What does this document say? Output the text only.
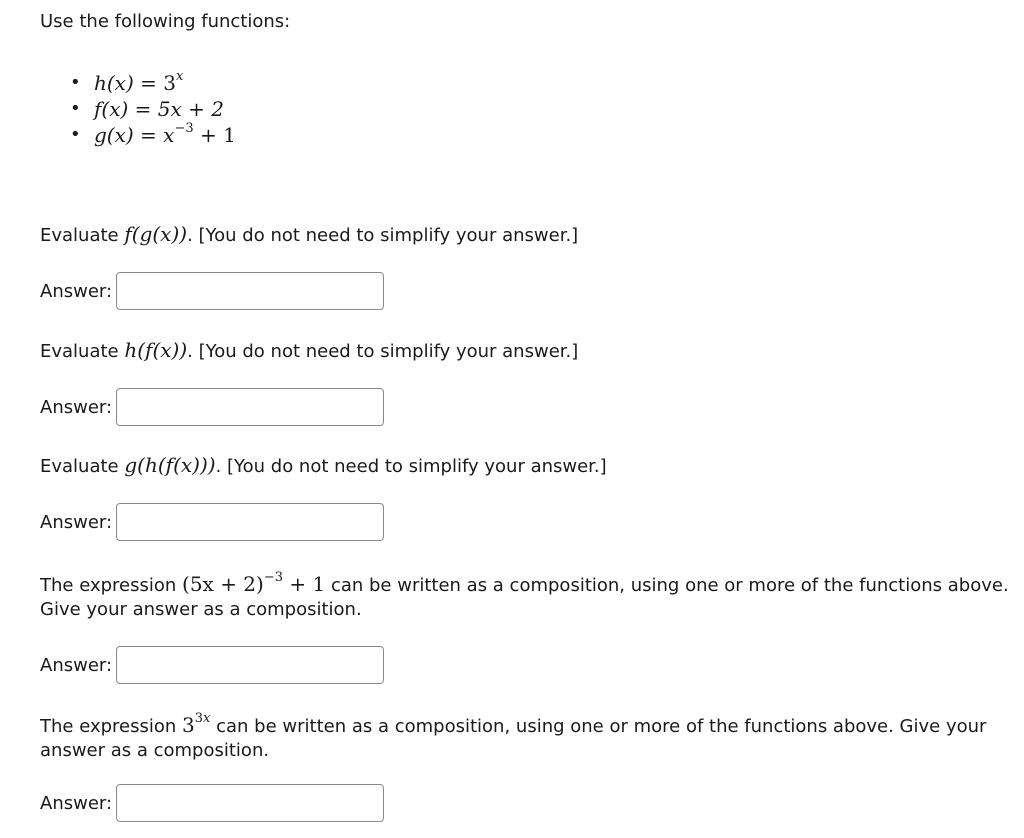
Use the following functions:
• $h(x) = 3^x$
• f(x) = 5x + 2
• $g(x) = x^{-3} + 1$
Evaluate f(g(x)). [You do not need to simplify your answer.]
Answer:
Evaluate h(f(x)). [You do not need to simplify your answer.]
Answer:
Evaluate g(h(f(x))). [You do not need to simplify your answer.]
Answer:
The expression $(5x + 2)^{-3} + 1$ can be written as a composition, using one or more of the functions above.
Give your answer as a composition.
Answer:
The expression $3^{3x}$ can be written as a composition, using one or more of the functions above. Give your
answer as a composition.
Answer:
